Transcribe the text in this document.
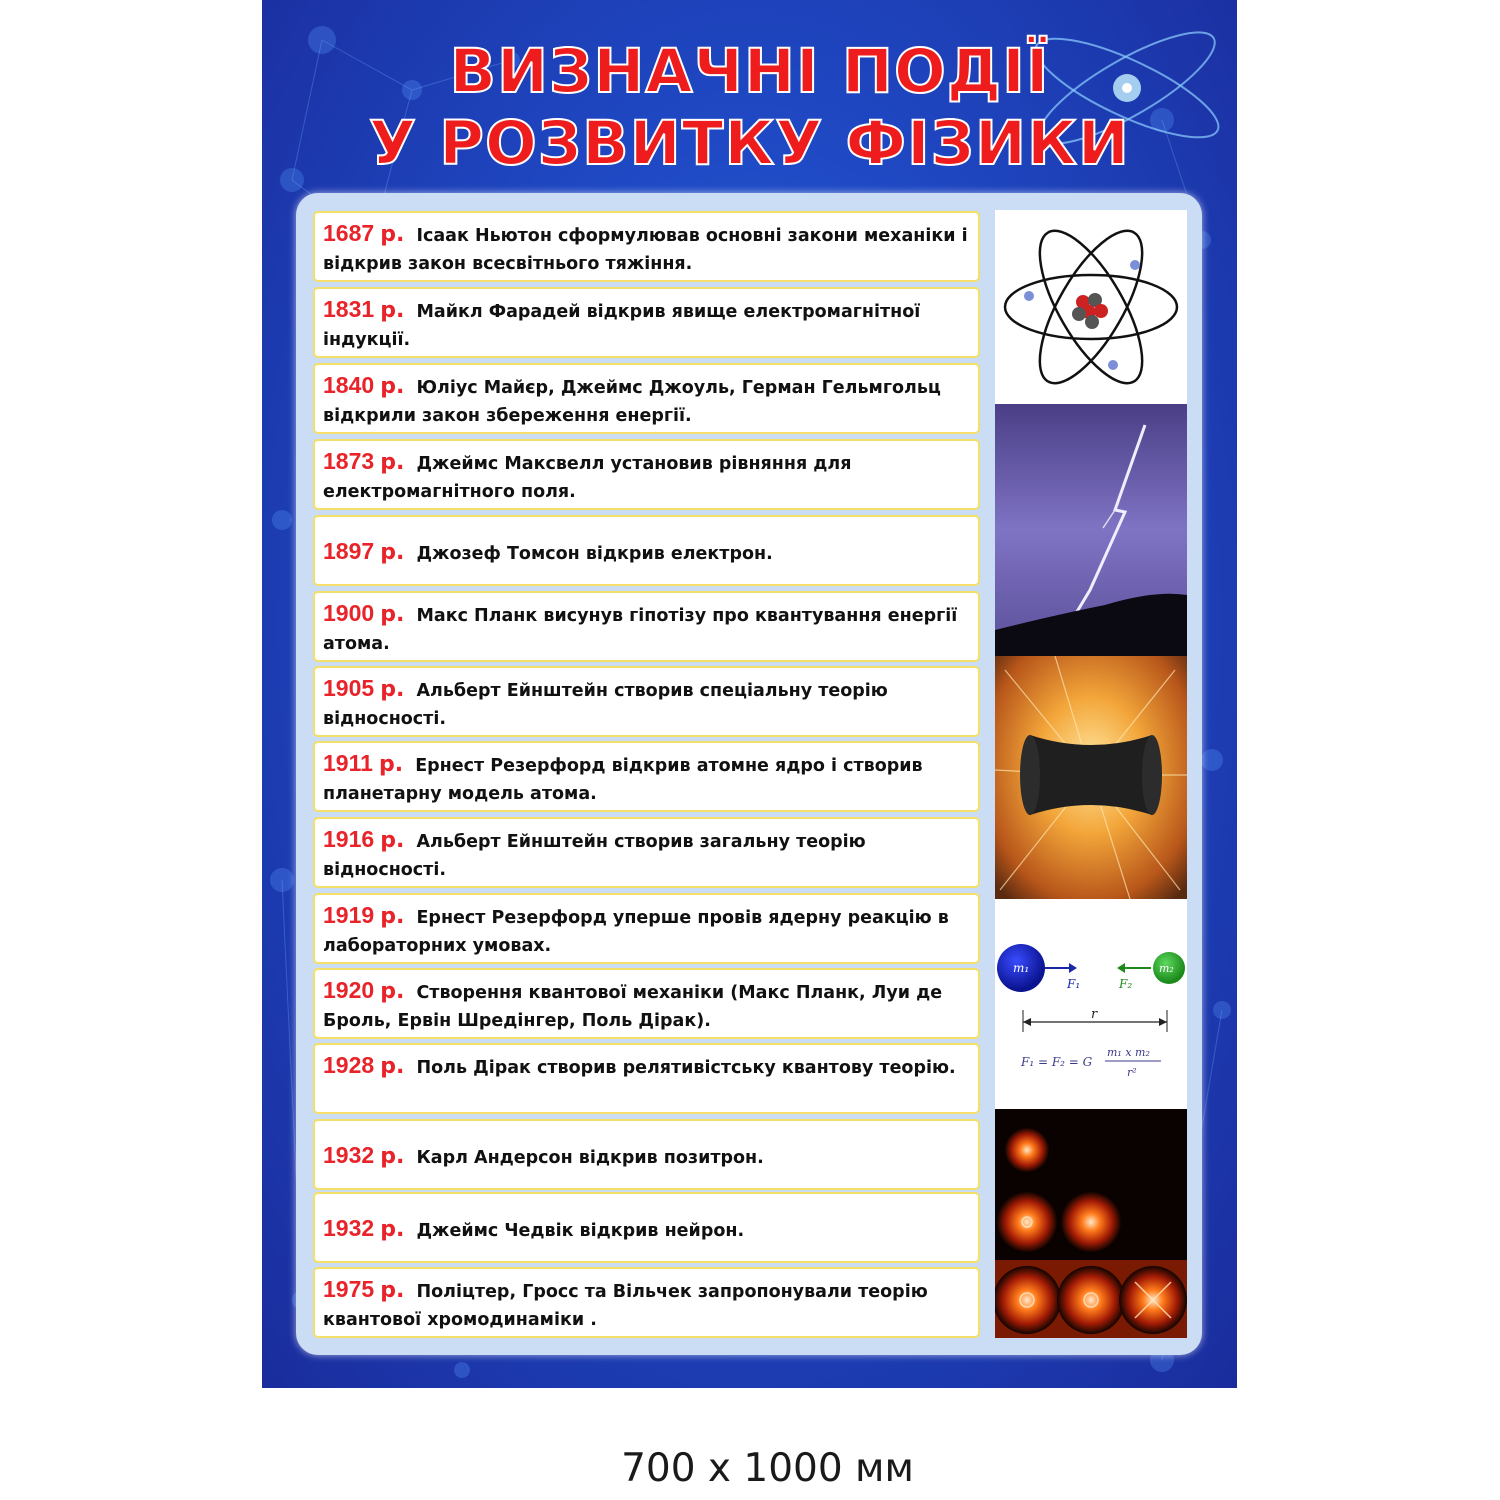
ВИЗНАЧНІ ПОДІЇ
У РОЗВИТКУ ФІЗИКИ
1687 р. Ісаак Ньютон сформулював основні закони механіки і відкрив закон всесвітнього тяжіння.
1831 р. Майкл Фарадей відкрив явище електромагнітної індукції.
1840 р. Юліус Майєр, Джеймс Джоуль, Герман Гельмгольц відкрили закон збереження енергії.
1873 р. Джеймс Максвелл установив рівняння для електромагнітного поля.
1897 р. Джозеф Томсон відкрив електрон.
1900 р. Макс Планк висунув гіпотізу про квантування енергії атома.
1905 р. Альберт Ейнштейн створив спеціальну теорію відносності.
1911 р. Ернест Резерфорд відкрив атомне ядро і створив планетарну модель атома.
1916 р. Альберт Ейнштейн створив загальну теорію відносності.
1919 р. Ернест Резерфорд уперше провів ядерну реакцію в лабораторних умовах.
1920 р. Створення квантової механіки (Макс Планк, Луи де Броль, Ервін Шредінгер, Поль Дірак).
1928 р. Поль Дірак створив релятивістську квантову теорію.
1932 р. Карл Андерсон відкрив позитрон.
1932 р. Джеймс Чедвік відкрив нейрон.
1975 р. Поліцтер, Гросс та Вільчек запропонували теорію квантової хромодинаміки .
m₁	m₂
F₁	F₂
r
F₁ = F₂ = G
m₁ x m₂
r²
700 x 1000 мм
